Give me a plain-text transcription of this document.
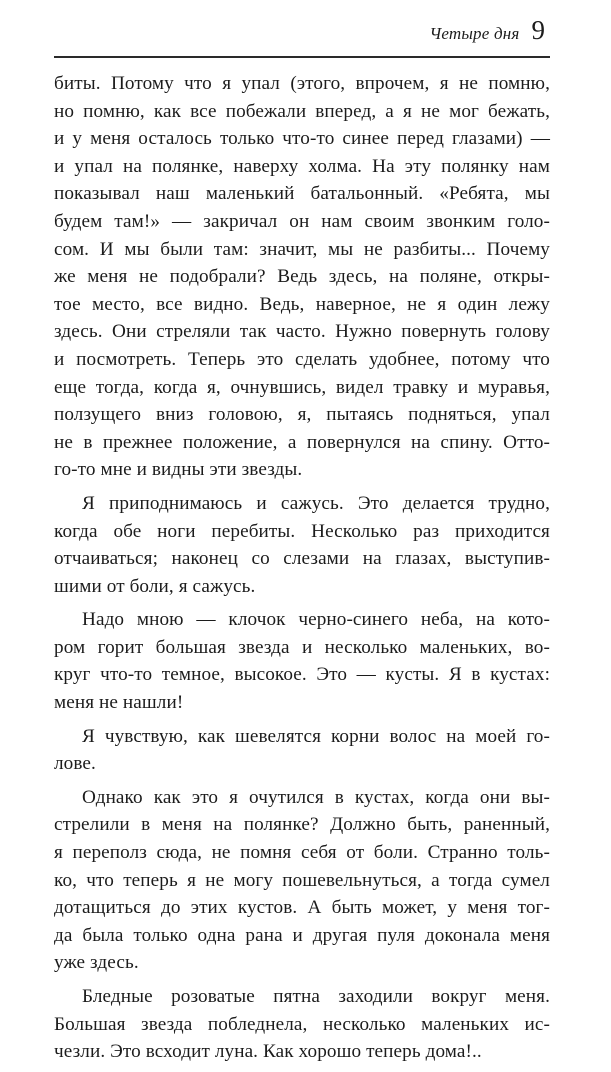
Четыре дня 9
биты. Потому что я упал (этого, впрочем, я не помню,
но помню, как все побежали вперед, а я не мог бежать,
и у меня осталось только что-то синее перед глазами) —
и упал на полянке, наверху холма. На эту полянку нам
показывал наш маленький батальонный. «Ребята, мы
будем там!» — закричал он нам своим звонким голо-
сом. И мы были там: значит, мы не разбиты... Почему
же меня не подобрали? Ведь здесь, на поляне, откры-
тое место, все видно. Ведь, наверное, не я один лежу
здесь. Они стреляли так часто. Нужно повернуть голову
и посмотреть. Теперь это сделать удобнее, потому что
еще тогда, когда я, очнувшись, видел травку и муравья,
ползущего вниз головою, я, пытаясь подняться, упал
не в прежнее положение, а повернулся на спину. Отто-
го-то мне и видны эти звезды.
Я приподнимаюсь и сажусь. Это делается трудно,
когда обе ноги перебиты. Несколько раз приходится
отчаиваться; наконец со слезами на глазах, выступив-
шими от боли, я сажусь.
Надо мною — клочок черно-синего неба, на кото-
ром горит большая звезда и несколько маленьких, во-
круг что-то темное, высокое. Это — кусты. Я в кустах:
меня не нашли!
Я чувствую, как шевелятся корни волос на моей го-
лове.
Однако как это я очутился в кустах, когда они вы-
стрелили в меня на полянке? Должно быть, раненный,
я переполз сюда, не помня себя от боли. Странно толь-
ко, что теперь я не могу пошевельнуться, а тогда сумел
дотащиться до этих кустов. А быть может, у меня тог-
да была только одна рана и другая пуля доконала меня
уже здесь.
Бледные розоватые пятна заходили вокруг меня.
Большая звезда побледнела, несколько маленьких ис-
чезли. Это всходит луна. Как хорошо теперь дома!..
